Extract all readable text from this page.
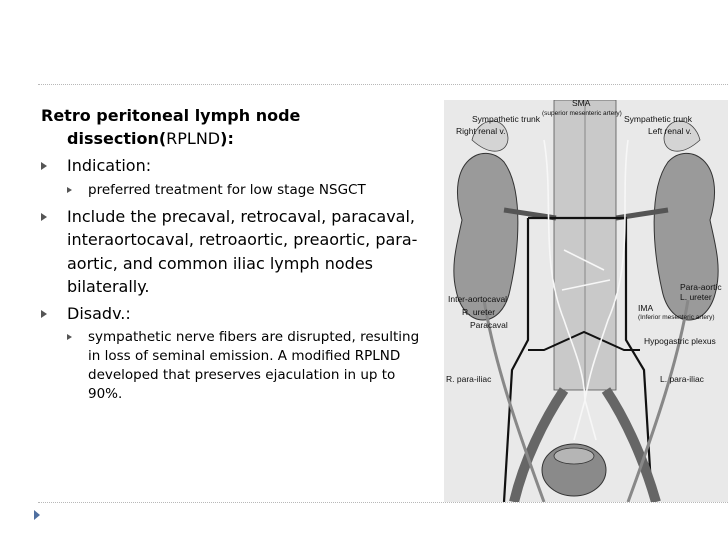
Retro peritoneal lymph node dissection(RPLND):
Indication:
preferred treatment for low stage NSGCT
Include the precaval, retrocaval, paracaval, interaortocaval, retroaortic, preaortic, para-aortic, and common iliac lymph nodes bilaterally.
Disadv.:
sympathetic nerve fibers are disrupted, resulting in loss of seminal emission. A modified RPLND developed that preserves ejaculation in up to 90%.
SMA
(superior mesenteric artery)
Sympathetic trunk	Sympathetic trunk
Right renal v.	Left renal v.
Para-aortic
Inter-aortocaval	L. ureter
R. ureter	IMA
(Inferior mesenteric artery)
Paracaval
Hypogastric plexus
R. para-iliac	L. para-iliac
